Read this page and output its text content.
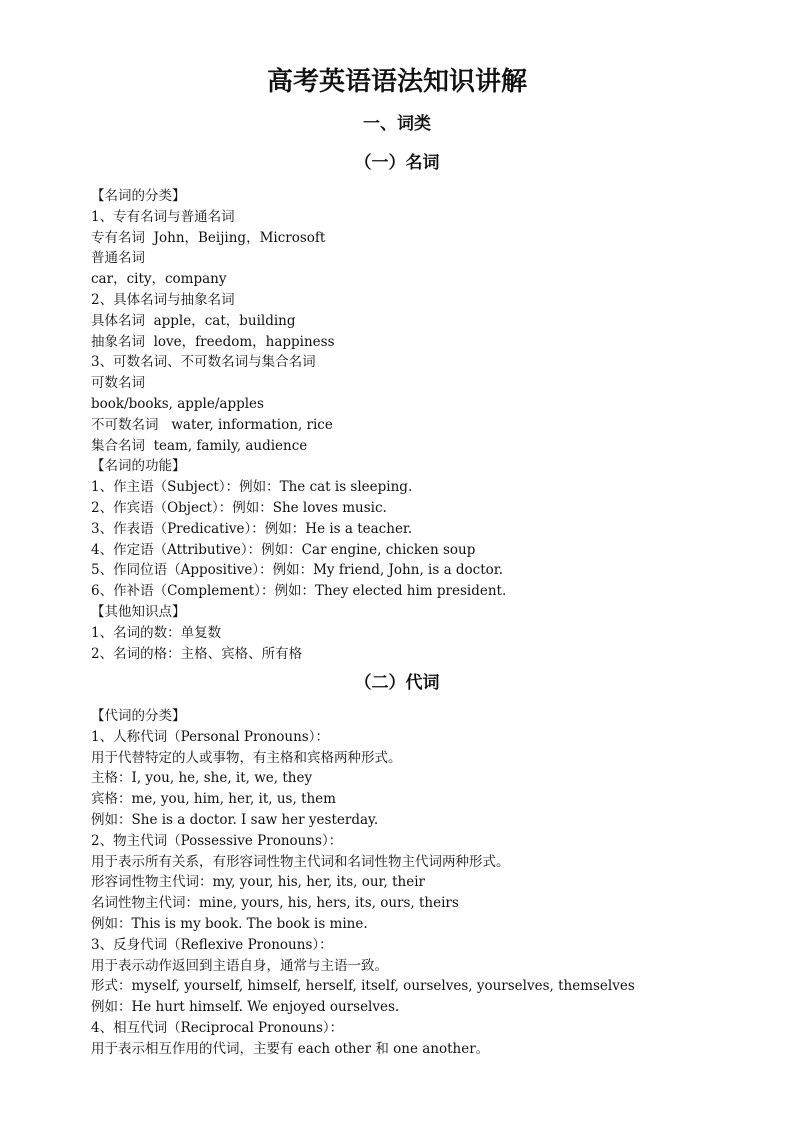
高考英语语法知识讲解
一、词类
（一）名词
【名词的分类】
1、专有名词与普通名词
专有名词  John，Beijing，Microsoft
普通名词
car，city，company
2、具体名词与抽象名词
具体名词  apple，cat，building
抽象名词  love，freedom，happiness
3、可数名词、不可数名词与集合名词
可数名词
book/books, apple/apples
不可数名词   water, information, rice
集合名词  team, family, audience
【名词的功能】
1、作主语（Subject）：例如：The cat is sleeping.
2、作宾语（Object）：例如：She loves music.
3、作表语（Predicative）：例如：He is a teacher.
4、作定语（Attributive）：例如：Car engine, chicken soup
5、作同位语（Appositive）：例如：My friend, John, is a doctor.
6、作补语（Complement）：例如：They elected him president.
【其他知识点】
1、名词的数：单复数
2、名词的格：主格、宾格、所有格
（二）代词
【代词的分类】
1、人称代词（Personal Pronouns）：
用于代替特定的人或事物，有主格和宾格两种形式。
主格：I, you, he, she, it, we, they
宾格：me, you, him, her, it, us, them
例如：She is a doctor. I saw her yesterday.
2、物主代词（Possessive Pronouns）：
用于表示所有关系，有形容词性物主代词和名词性物主代词两种形式。
形容词性物主代词：my, your, his, her, its, our, their
名词性物主代词：mine, yours, his, hers, its, ours, theirs
例如：This is my book. The book is mine.
3、反身代词（Reflexive Pronouns）：
用于表示动作返回到主语自身，通常与主语一致。
形式：myself, yourself, himself, herself, itself, ourselves, yourselves, themselves
例如：He hurt himself. We enjoyed ourselves.
4、相互代词（Reciprocal Pronouns）：
用于表示相互作用的代词，主要有 each other 和 one another。
